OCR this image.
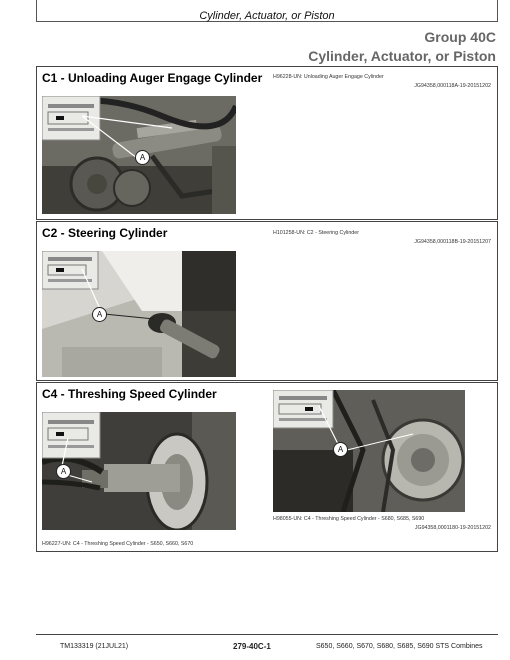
Cylinder, Actuator, or Piston
Group 40C
Cylinder, Actuator, or Piston
C1 - Unloading Auger Engage Cylinder H96228-UN: Unloading Auger Engage Cylinder
JG94358,000118A-19-20151202
A
C2 - Steering Cylinder	H101258-UN: C2 - Steering Cylinder
JG94358,000118B-19-20151207
A
C4 - Threshing Speed Cylinder
A
A
H98055-UN: C4 - Threshing Speed Cylinder - S680, S685, S690
JG94358,0001180-19-20151202
H96227-UN: C4 - Threshing Speed Cylinder - S650, S660, S670
TM133319 (21JUL21)	279-40C-1	S650, S660, S670, S680, S685, S690 STS Combines
